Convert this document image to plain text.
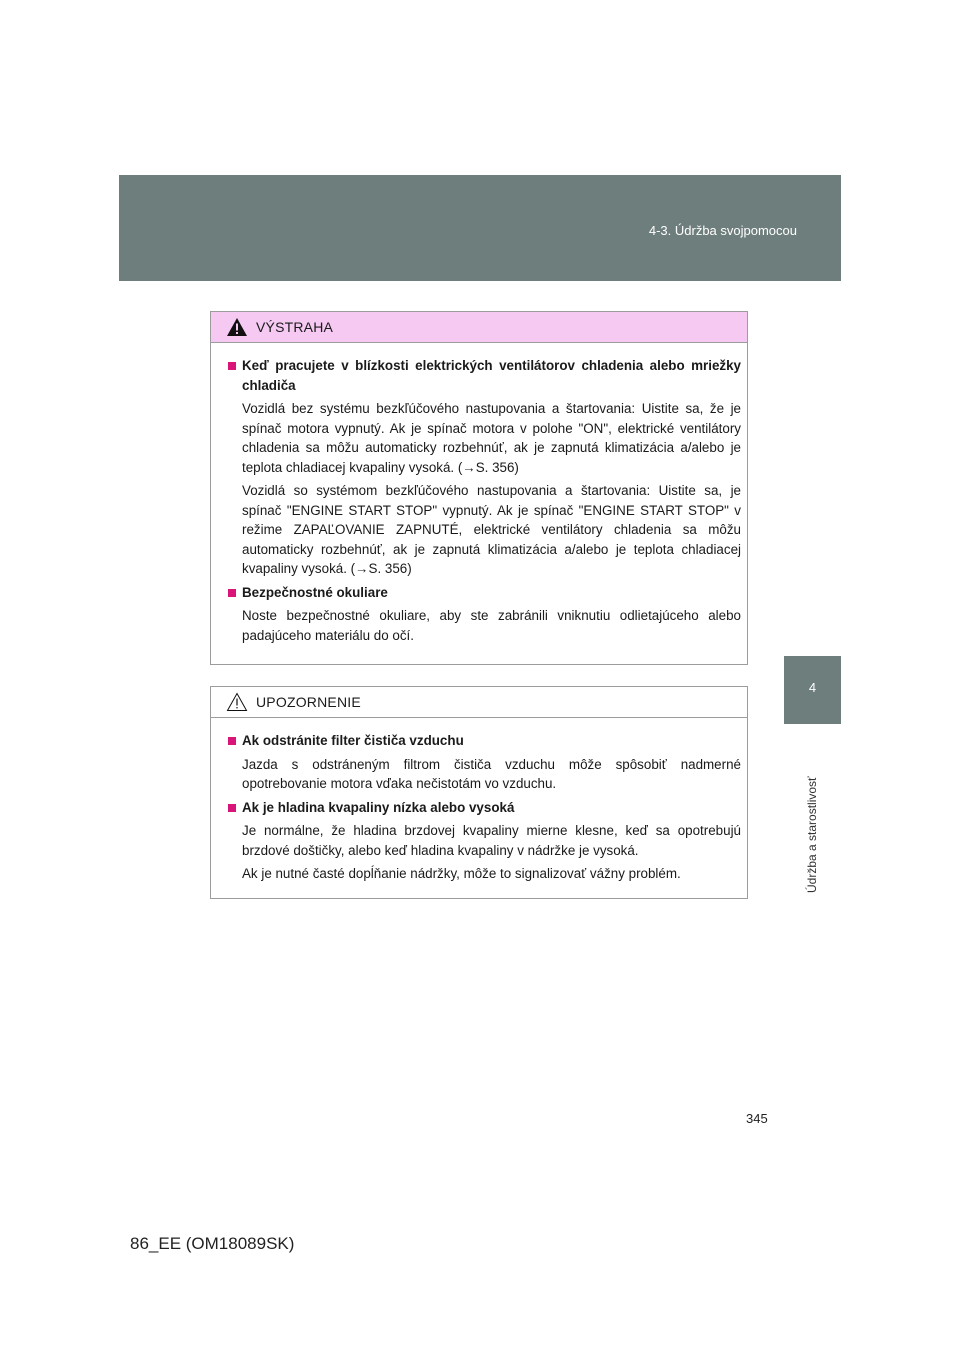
4-3. Údržba svojpomocou
4
Údržba a starostlivosť
VÝSTRAHA
Keď pracujete v blízkosti elektrických ventilátorov chladenia alebo mriežky chladiča
Vozidlá bez systému bezkľúčového nastupovania a štartovania: Uistite sa, že je spínač motora vypnutý. Ak je spínač motora v polohe "ON", elektrické ventilátory chladenia sa môžu automaticky rozbehnúť, ak je zapnutá klimatizácia a/alebo je teplota chladiacej kvapaliny vysoká. (→S. 356)
Vozidlá so systémom bezkľúčového nastupovania a štartovania: Uistite sa, je spínač "ENGINE START STOP" vypnutý. Ak je spínač "ENGINE START STOP" v režime ZAPAĽOVANIE ZAPNUTÉ, elektrické ventilátory chladenia sa môžu automaticky rozbehnúť, ak je zapnutá klimatizácia a/alebo je teplota chladiacej kvapaliny vysoká. (→S. 356)
Bezpečnostné okuliare
Noste bezpečnostné okuliare, aby ste zabránili vniknutiu odlietajúceho alebo padajúceho materiálu do očí.
UPOZORNENIE
Ak odstránite filter čističa vzduchu
Jazda s odstráneným filtrom čističa vzduchu môže spôsobiť nadmerné opotrebovanie motora vďaka nečistotám vo vzduchu.
Ak je hladina kvapaliny nízka alebo vysoká
Je normálne, že hladina brzdovej kvapaliny mierne klesne, keď sa opotrebujú brzdové doštičky, alebo keď hladina kvapaliny v nádržke je vysoká.
Ak je nutné časté dopĺňanie nádržky, môže to signalizovať vážny problém.
345
86_EE (OM18089SK)
